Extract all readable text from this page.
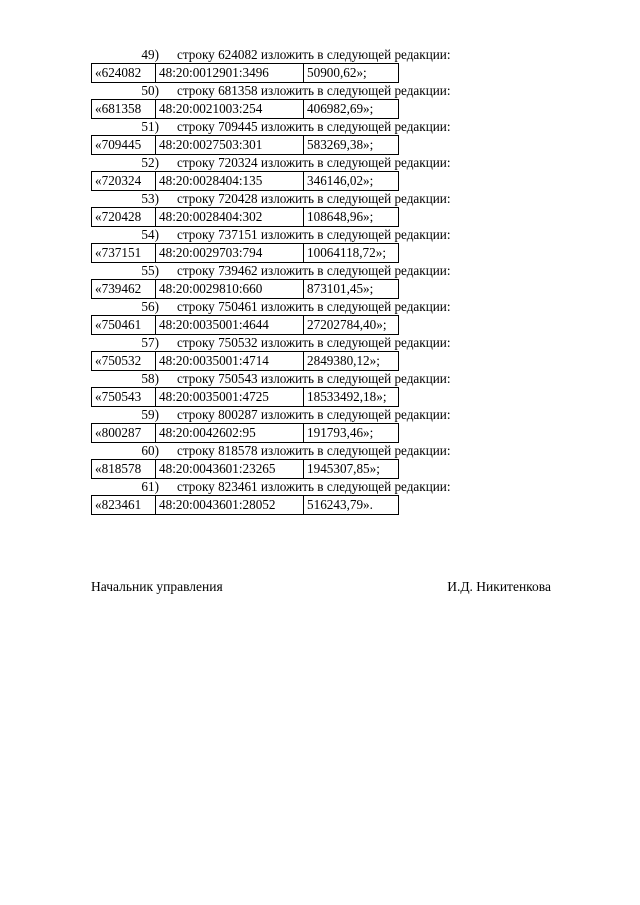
49) строку 624082 изложить в следующей редакции:
«624082	48:20:0012901:3496	50900,62»;
50) строку 681358 изложить в следующей редакции:
«681358	48:20:0021003:254	406982,69»;
51) строку 709445 изложить в следующей редакции:
«709445	48:20:0027503:301	583269,38»;
52) строку 720324 изложить в следующей редакции:
«720324	48:20:0028404:135	346146,02»;
53) строку 720428 изложить в следующей редакции:
«720428	48:20:0028404:302	108648,96»;
54) строку 737151 изложить в следующей редакции:
«737151	48:20:0029703:794	10064118,72»;
55) строку 739462 изложить в следующей редакции:
«739462	48:20:0029810:660	873101,45»;
56) строку 750461 изложить в следующей редакции:
«750461	48:20:0035001:4644	27202784,40»;
57) строку 750532 изложить в следующей редакции:
«750532	48:20:0035001:4714	2849380,12»;
58) строку 750543 изложить в следующей редакции:
«750543	48:20:0035001:4725	18533492,18»;
59) строку 800287 изложить в следующей редакции:
«800287	48:20:0042602:95	191793,46»;
60) строку 818578 изложить в следующей редакции:
«818578	48:20:0043601:23265	1945307,85»;
61) строку 823461 изложить в следующей редакции:
«823461	48:20:0043601:28052	516243,79».
Начальник управления	И.Д. Никитенкова
